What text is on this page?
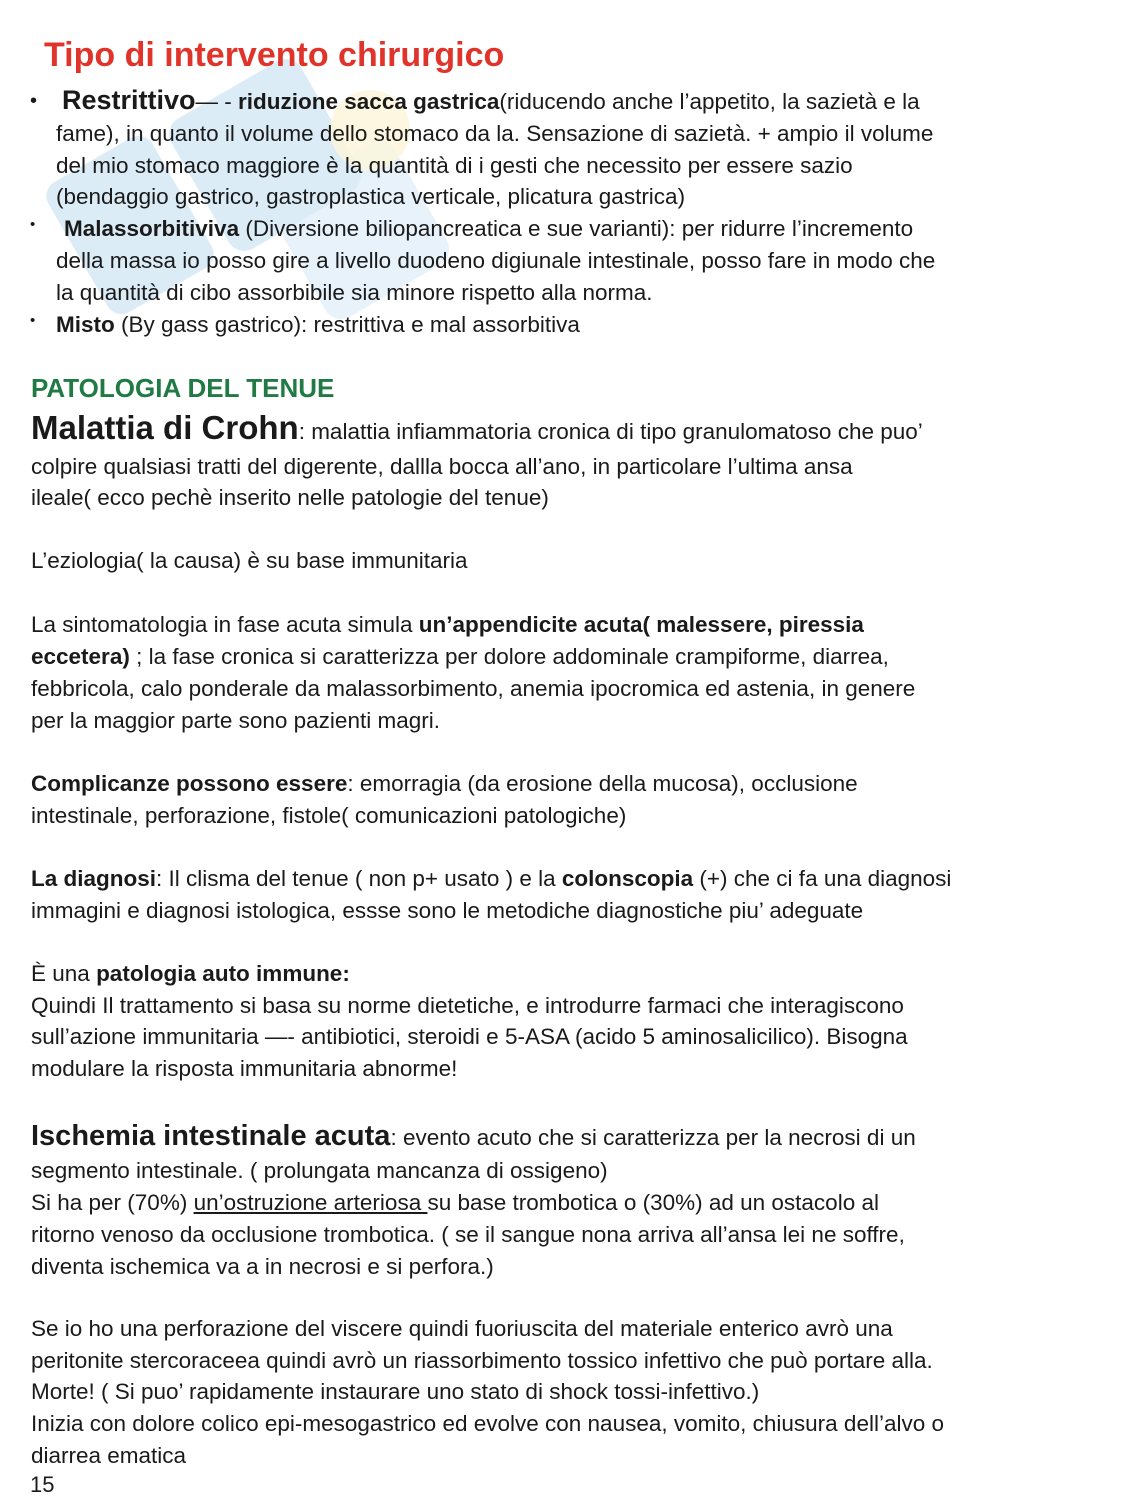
Tipo di intervento chirurgico
• Restrittivo— - riduzione sacca gastrica(riducendo anche l’appetito, la sazietà e la
fame), in quanto il volume dello stomaco da la. Sensazione di sazietà. + ampio il volume
del mio stomaco maggiore è la quantità di i gesti che necessito per essere sazio
(bendaggio gastrico, gastroplastica verticale, plicatura gastrica)
• Malassorbitiviva (Diversione biliopancreatica e sue varianti): per ridurre l’incremento
della massa io posso gire a livello duodeno digiunale intestinale, posso fare in modo che
la quantità di cibo assorbibile sia minore rispetto alla norma.
• Misto (By gass gastrico): restrittiva e mal assorbitiva
PATOLOGIA DEL TENUE
Malattia di Crohn: malattia infiammatoria cronica di tipo granulomatoso che puo’
colpire qualsiasi tratti del digerente, dallla bocca all’ano, in particolare l’ultima ansa
ileale( ecco pechè inserito nelle patologie del tenue)
L’eziologia( la causa) è su base immunitaria
La sintomatologia in fase acuta simula un’appendicite acuta( malessere, piressia
eccetera) ; la fase cronica si caratterizza per dolore addominale crampiforme, diarrea,
febbricola, calo ponderale da malassorbimento, anemia ipocromica ed astenia, in genere
per la maggior parte sono pazienti magri.
Complicanze possono essere: emorragia (da erosione della mucosa), occlusione
intestinale, perforazione, fistole( comunicazioni patologiche)
La diagnosi: Il clisma del tenue ( non p+ usato ) e la colonscopia (+) che ci fa una diagnosi
immagini e diagnosi istologica, essse sono le metodiche diagnostiche piu’ adeguate
È una patologia auto immune:
Quindi Il trattamento si basa su norme dietetiche, e introdurre farmaci che interagiscono
sull’azione immunitaria —- antibiotici, steroidi e 5-ASA (acido 5 aminosalicilico). Bisogna
modulare la risposta immunitaria abnorme!
Ischemia intestinale acuta: evento acuto che si caratterizza per la necrosi di un
segmento intestinale. ( prolungata mancanza di ossigeno)
Si ha per (70%) un’ostruzione arteriosa su base trombotica o (30%) ad un ostacolo al
ritorno venoso da occlusione trombotica. ( se il sangue nona arriva all’ansa lei ne soffre,
diventa ischemica va a in necrosi e si perfora.)
Se io ho una perforazione del viscere quindi fuoriuscita del materiale enterico avrò una
peritonite stercoraceea quindi avrò un riassorbimento tossico infettivo che può portare alla.
Morte! ( Si puo’ rapidamente instaurare uno stato di shock tossi-infettivo.)
Inizia con dolore colico epi-mesogastrico ed evolve con nausea, vomito, chiusura dell’alvo o
diarrea ematica
15
